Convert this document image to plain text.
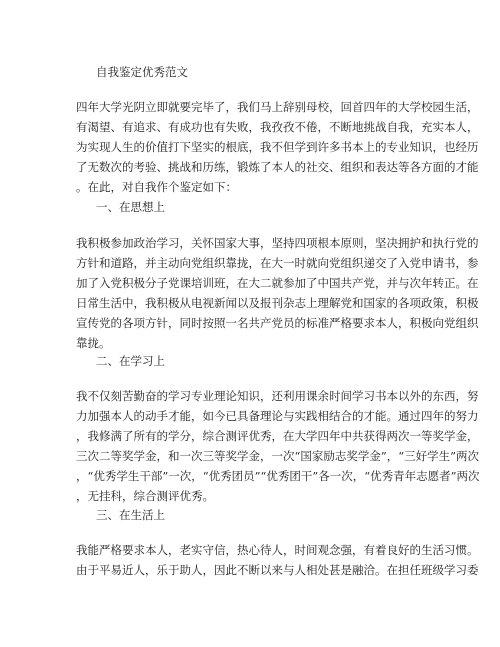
自我鉴定优秀范文
四年大学光阴立即就要完毕了，我们马上辞别母校，回首四年的大学校园生活，
有渴望、有追求、有成功也有失败，我孜孜不倦，不断地挑战自我，充实本人，
为实现人生的价值打下坚实的根底，我不但学到许多书本上的专业知识，也经历
了无数次的考验、挑战和历练，锻炼了本人的社交、组织和表达等各方面的才能
。在此，对自我作个鉴定如下：
一、在思想上
我积极参加政治学习，关怀国家大事，坚持四项根本原则，坚决拥护和执行党的
方针和道路，并主动向党组织靠拢，在大一时就向党组织递交了入党申请书，参
加了入党积极分子党课培训班，在大二就参加了中国共产党，并与次年转正。在
日常生活中，我积极从电视新闻以及报刊杂志上理解党和国家的各项政策，积极
宣传党的各项方针，同时按照一名共产党员的标准严格要求本人，积极向党组织
靠拢。
二、在学习上
我不仅刻苦勤奋的学习专业理论知识，还利用课余时间学习书本以外的东西，努
力加强本人的动手才能，如今已具备理论与实践相结合的才能。通过四年的努力
，我修满了所有的学分，综合测评优秀，在大学四年中共获得两次一等奖学金，
三次二等奖学金，和一次三等奖学金，一次“国家励志奖学金”，“三好学生”两次
，“优秀学生干部”一次，“优秀团员”“优秀团干”各一次，“优秀青年志愿者”两次
，无挂科，综合测评优秀。
三、在生活上
我能严格要求本人，老实守信，热心待人，时间观念强，有着良好的生活习惯。
由于平易近人，乐于助人，因此不断以来与人相处甚是融洽。在担任班级学习委
